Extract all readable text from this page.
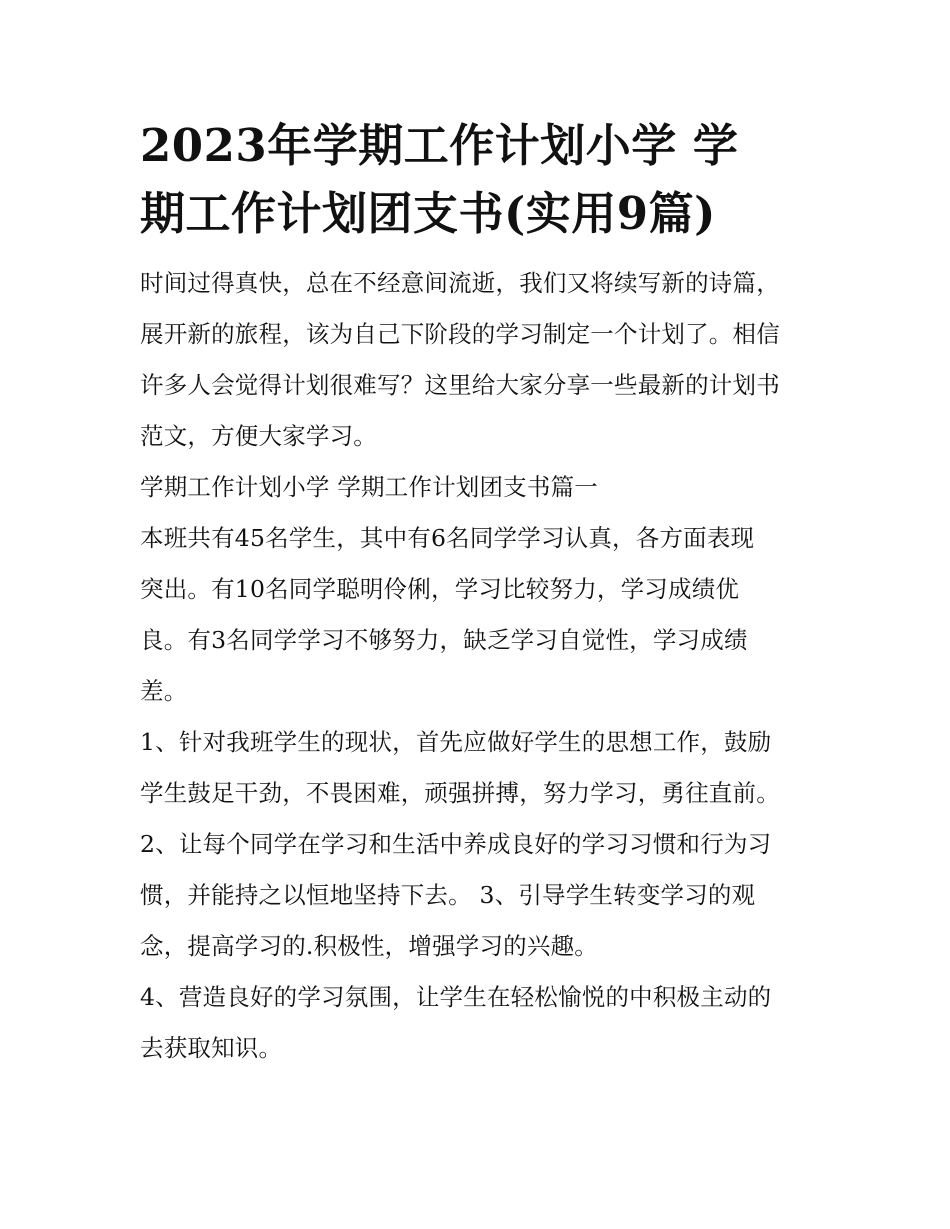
2023年学期工作计划小学 学
期工作计划团支书(实用9篇)

时间过得真快，总在不经意间流逝，我们又将续写新的诗篇，
展开新的旅程，该为自己下阶段的学习制定一个计划了。相信
许多人会觉得计划很难写？这里给大家分享一些最新的计划书
范文，方便大家学习。

学期工作计划小学 学期工作计划团支书篇一

本班共有45名学生，其中有6名同学学习认真，各方面表现
突出。有10名同学聪明伶俐，学习比较努力，学习成绩优
良。有3名同学学习不够努力，缺乏学习自觉性，学习成绩
差。

1、针对我班学生的现状，首先应做好学生的思想工作，鼓励
学生鼓足干劲，不畏困难，顽强拼搏，努力学习，勇往直前。

2、让每个同学在学习和生活中养成良好的学习习惯和行为习
惯，并能持之以恒地坚持下去。 3、引导学生转变学习的观
念，提高学习的.积极性，增强学习的兴趣。

4、营造良好的学习氛围，让学生在轻松愉悦的中积极主动的
去获取知识。
